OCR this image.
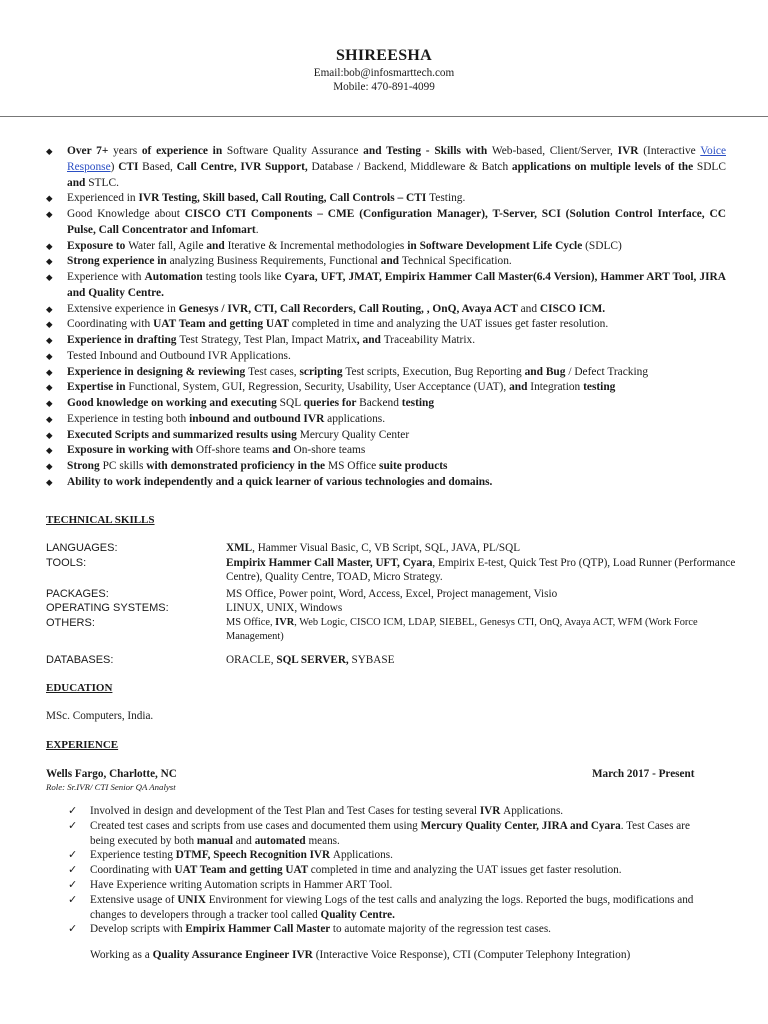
SHIREESHA
Email:bob@infosmarttech.com
Mobile: 470-891-4099
◆ Over 7+ years of experience in Software Quality Assurance and Testing - Skills with Web-based, Client/Server, IVR (Interactive Voice Response) CTI Based, Call Centre, IVR Support, Database / Backend, Middleware & Batch applications on multiple levels of the SDLC and STLC.
◆ Experienced in IVR Testing, Skill based, Call Routing, Call Controls – CTI Testing.
◆ Good Knowledge about CISCO CTI Components – CME (Configuration Manager), T-Server, SCI (Solution Control Interface, CC Pulse, Call Concentrator and Infomart.
◆ Exposure to Water fall, Agile and Iterative & Incremental methodologies in Software Development Life Cycle (SDLC)
◆ Strong experience in analyzing Business Requirements, Functional and Technical Specification.
◆ Experience with Automation testing tools like Cyara, UFT, JMAT, Empirix Hammer Call Master(6.4 Version), Hammer ART Tool, JIRA and Quality Centre.
◆ Extensive experience in Genesys / IVR, CTI, Call Recorders, Call Routing, , OnQ, Avaya ACT and CISCO ICM.
◆ Coordinating with UAT Team and getting UAT completed in time and analyzing the UAT issues get faster resolution.
◆ Experience in drafting Test Strategy, Test Plan, Impact Matrix, and Traceability Matrix.
◆ Tested Inbound and Outbound IVR Applications.
◆ Experience in designing & reviewing Test cases, scripting Test scripts, Execution, Bug Reporting and Bug / Defect Tracking
◆ Expertise in Functional, System, GUI, Regression, Security, Usability, User Acceptance (UAT), and Integration testing
◆ Good knowledge on working and executing SQL queries for Backend testing
◆ Experience in testing both inbound and outbound IVR applications.
◆ Executed Scripts and summarized results using Mercury Quality Center
◆ Exposure in working with Off-shore teams and On-shore teams
◆ Strong PC skills with demonstrated proficiency in the MS Office suite products
◆ Ability to work independently and a quick learner of various technologies and domains.
TECHNICAL SKILLS
LANGUAGES:	XML, Hammer Visual Basic, C, VB Script, SQL, JAVA, PL/SQL
TOOLS:	Empirix Hammer Call Master, UFT, Cyara, Empirix E-test, Quick Test Pro (QTP), Load Runner (Performance Centre), Quality Centre, TOAD, Micro Strategy.
PACKAGES:	MS Office, Power point, Word, Access, Excel, Project management, Visio
OPERATING SYSTEMS:	LINUX, UNIX, Windows
OTHERS:	MS Office, IVR, Web Logic, CISCO ICM, LDAP, SIEBEL, Genesys CTI, OnQ, Avaya ACT, WFM (Work Force Management)
DATABASES:	ORACLE, SQL SERVER, SYBASE
EDUCATION
MSc. Computers, India.
EXPERIENCE
Wells Fargo, Charlotte, NC	March 2017 - Present
Role: Sr.IVR/ CTI Senior QA Analyst
✓ Involved in design and development of the Test Plan and Test Cases for testing several IVR Applications.
✓ Created test cases and scripts from use cases and documented them using Mercury Quality Center, JIRA and Cyara. Test Cases are being executed by both manual and automated means.
✓ Experience testing DTMF, Speech Recognition IVR Applications.
✓ Coordinating with UAT Team and getting UAT completed in time and analyzing the UAT issues get faster resolution.
✓ Have Experience writing Automation scripts in Hammer ART Tool.
✓ Extensive usage of UNIX Environment for viewing Logs of the test calls and analyzing the logs. Reported the bugs, modifications and changes to developers through a tracker tool called Quality Centre.
✓ Develop scripts with Empirix Hammer Call Master to automate majority of the regression test cases.
Working as a Quality Assurance Engineer IVR (Interactive Voice Response), CTI (Computer Telephony Integration)
